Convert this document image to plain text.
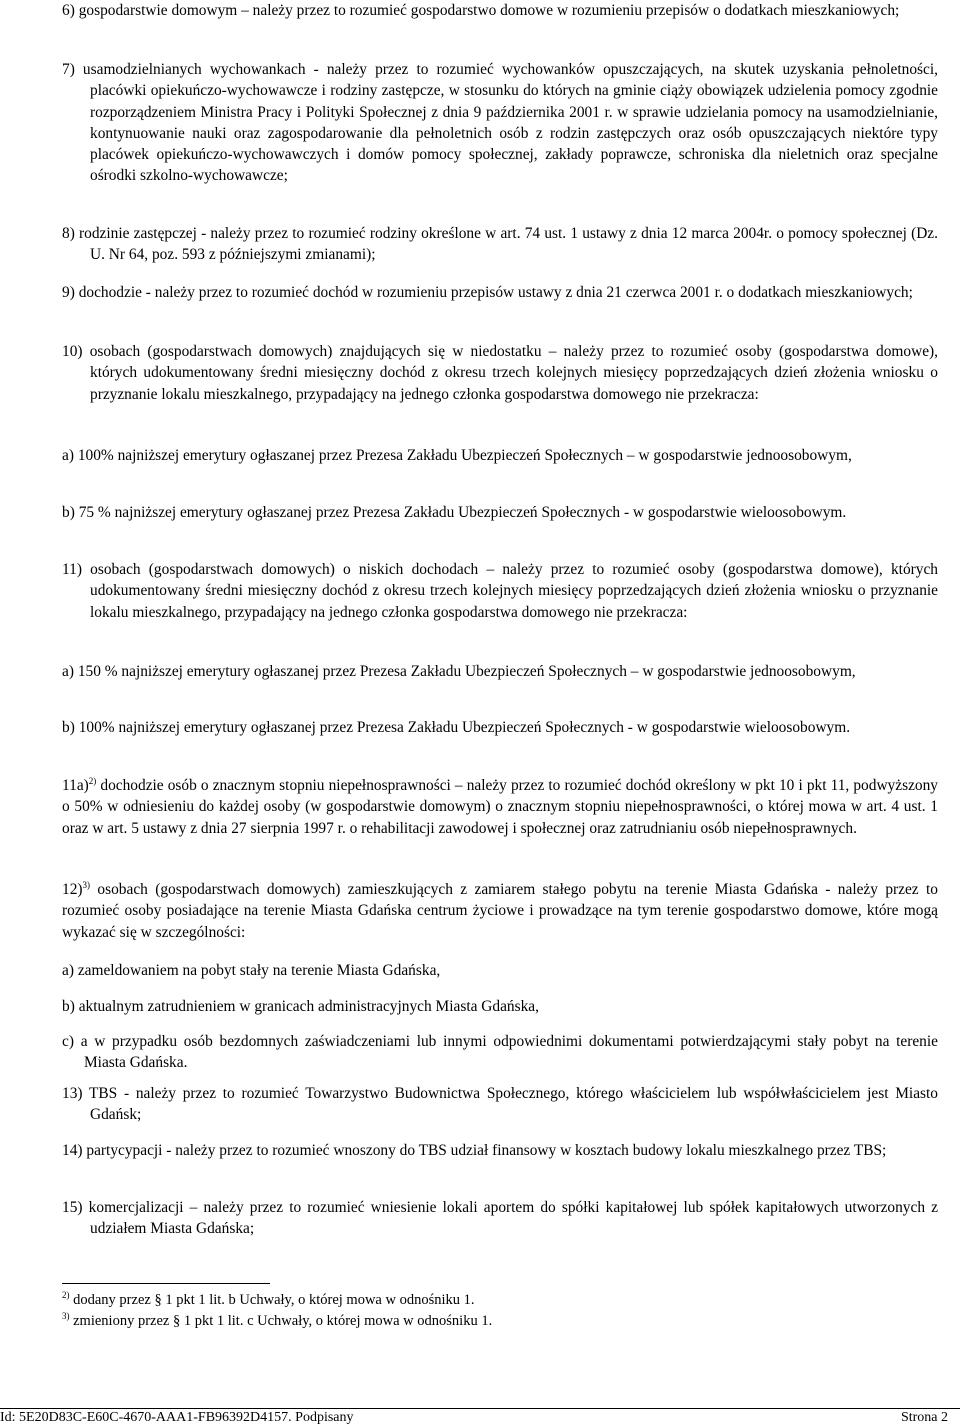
6) gospodarstwie domowym – należy przez to rozumieć gospodarstwo domowe w rozumieniu przepisów o dodatkach mieszkaniowych;

7) usamodzielnianych wychowankach - należy przez to rozumieć wychowanków opuszczających, na skutek uzyskania pełnoletności, placówki opiekuńczo-wychowawcze i rodziny zastępcze, w stosunku do których na gminie ciąży obowiązek udzielenia pomocy zgodnie rozporządzeniem Ministra Pracy i Polityki Społecznej z dnia 9 października 2001 r. w sprawie udzielania pomocy na usamodzielnianie, kontynuowanie nauki oraz zagospodarowanie dla pełnoletnich osób z rodzin zastępczych oraz osób opuszczających niektóre typy placówek opiekuńczo-wychowawczych i domów pomocy społecznej, zakłady poprawcze, schroniska dla nieletnich oraz specjalne ośrodki szkolno-wychowawcze;

8) rodzinie zastępczej - należy przez to rozumieć rodziny określone w art. 74 ust. 1 ustawy z dnia 12 marca 2004r. o pomocy społecznej (Dz. U. Nr 64, poz. 593 z późniejszymi zmianami);

9) dochodzie - należy przez to rozumieć dochód w rozumieniu przepisów ustawy z dnia 21 czerwca 2001 r. o dodatkach mieszkaniowych;

10) osobach (gospodarstwach domowych) znajdujących się w niedostatku – należy przez to rozumieć osoby (gospodarstwa domowe), których udokumentowany średni miesięczny dochód z okresu trzech kolejnych miesięcy poprzedzających dzień złożenia wniosku o przyznanie lokalu mieszkalnego, przypadający na jednego członka gospodarstwa domowego nie przekracza:

a) 100% najniższej emerytury ogłaszanej przez Prezesa Zakładu Ubezpieczeń Społecznych – w gospodarstwie jednoosobowym,

b) 75 % najniższej emerytury ogłaszanej przez Prezesa Zakładu Ubezpieczeń Społecznych - w gospodarstwie wieloosobowym.

11) osobach (gospodarstwach domowych) o niskich dochodach – należy przez to rozumieć osoby (gospodarstwa domowe), których udokumentowany średni miesięczny dochód z okresu trzech kolejnych miesięcy poprzedzających dzień złożenia wniosku o przyznanie lokalu mieszkalnego, przypadający na jednego członka gospodarstwa domowego nie przekracza:

a) 150 % najniższej emerytury ogłaszanej przez Prezesa Zakładu Ubezpieczeń Społecznych – w gospodarstwie jednoosobowym,

b) 100% najniższej emerytury ogłaszanej przez Prezesa Zakładu Ubezpieczeń Społecznych - w gospodarstwie wieloosobowym.

11a)$^{2)}$ dochodzie osób o znacznym stopniu niepełnosprawności – należy przez to rozumieć dochód określony w pkt 10 i pkt 11, podwyższony o 50% w odniesieniu do każdej osoby (w gospodarstwie domowym) o znacznym stopniu niepełnosprawności, o której mowa w art. 4 ust. 1 oraz w art. 5 ustawy z dnia 27 sierpnia 1997 r. o rehabilitacji zawodowej i społecznej oraz zatrudnianiu osób niepełnosprawnych.

12)$^{3)}$ osobach (gospodarstwach domowych) zamieszkujących z zamiarem stałego pobytu na terenie Miasta Gdańska - należy przez to rozumieć osoby posiadające na terenie Miasta Gdańska centrum życiowe i prowadzące na tym terenie gospodarstwo domowe, które mogą wykazać się w szczególności:

a) zameldowaniem na pobyt stały na terenie Miasta Gdańska,

b) aktualnym zatrudnieniem w granicach administracyjnych Miasta Gdańska,

c) a w przypadku osób bezdomnych zaświadczeniami lub innymi odpowiednimi dokumentami potwierdzającymi stały pobyt na terenie Miasta Gdańska.

13) TBS - należy przez to rozumieć Towarzystwo Budownictwa Społecznego, którego właścicielem lub współwłaścicielem jest Miasto Gdańsk;

14) partycypacji - należy przez to rozumieć wnoszony do TBS udział finansowy w kosztach budowy lokalu mieszkalnego przez TBS;

15) komercjalizacji – należy przez to rozumieć wniesienie lokali aportem do spółki kapitałowej lub spółek kapitałowych utworzonych z udziałem Miasta Gdańska;

$^{2)}$ dodany przez § 1 pkt 1 lit. b Uchwały, o której mowa w odnośniku 1.

$^{3)}$ zmieniony przez § 1 pkt 1 lit. c Uchwały, o której mowa w odnośniku 1.

Id: 5E20D83C-E60C-4670-AAA1-FB96392D4157. Podpisany	Strona 2
